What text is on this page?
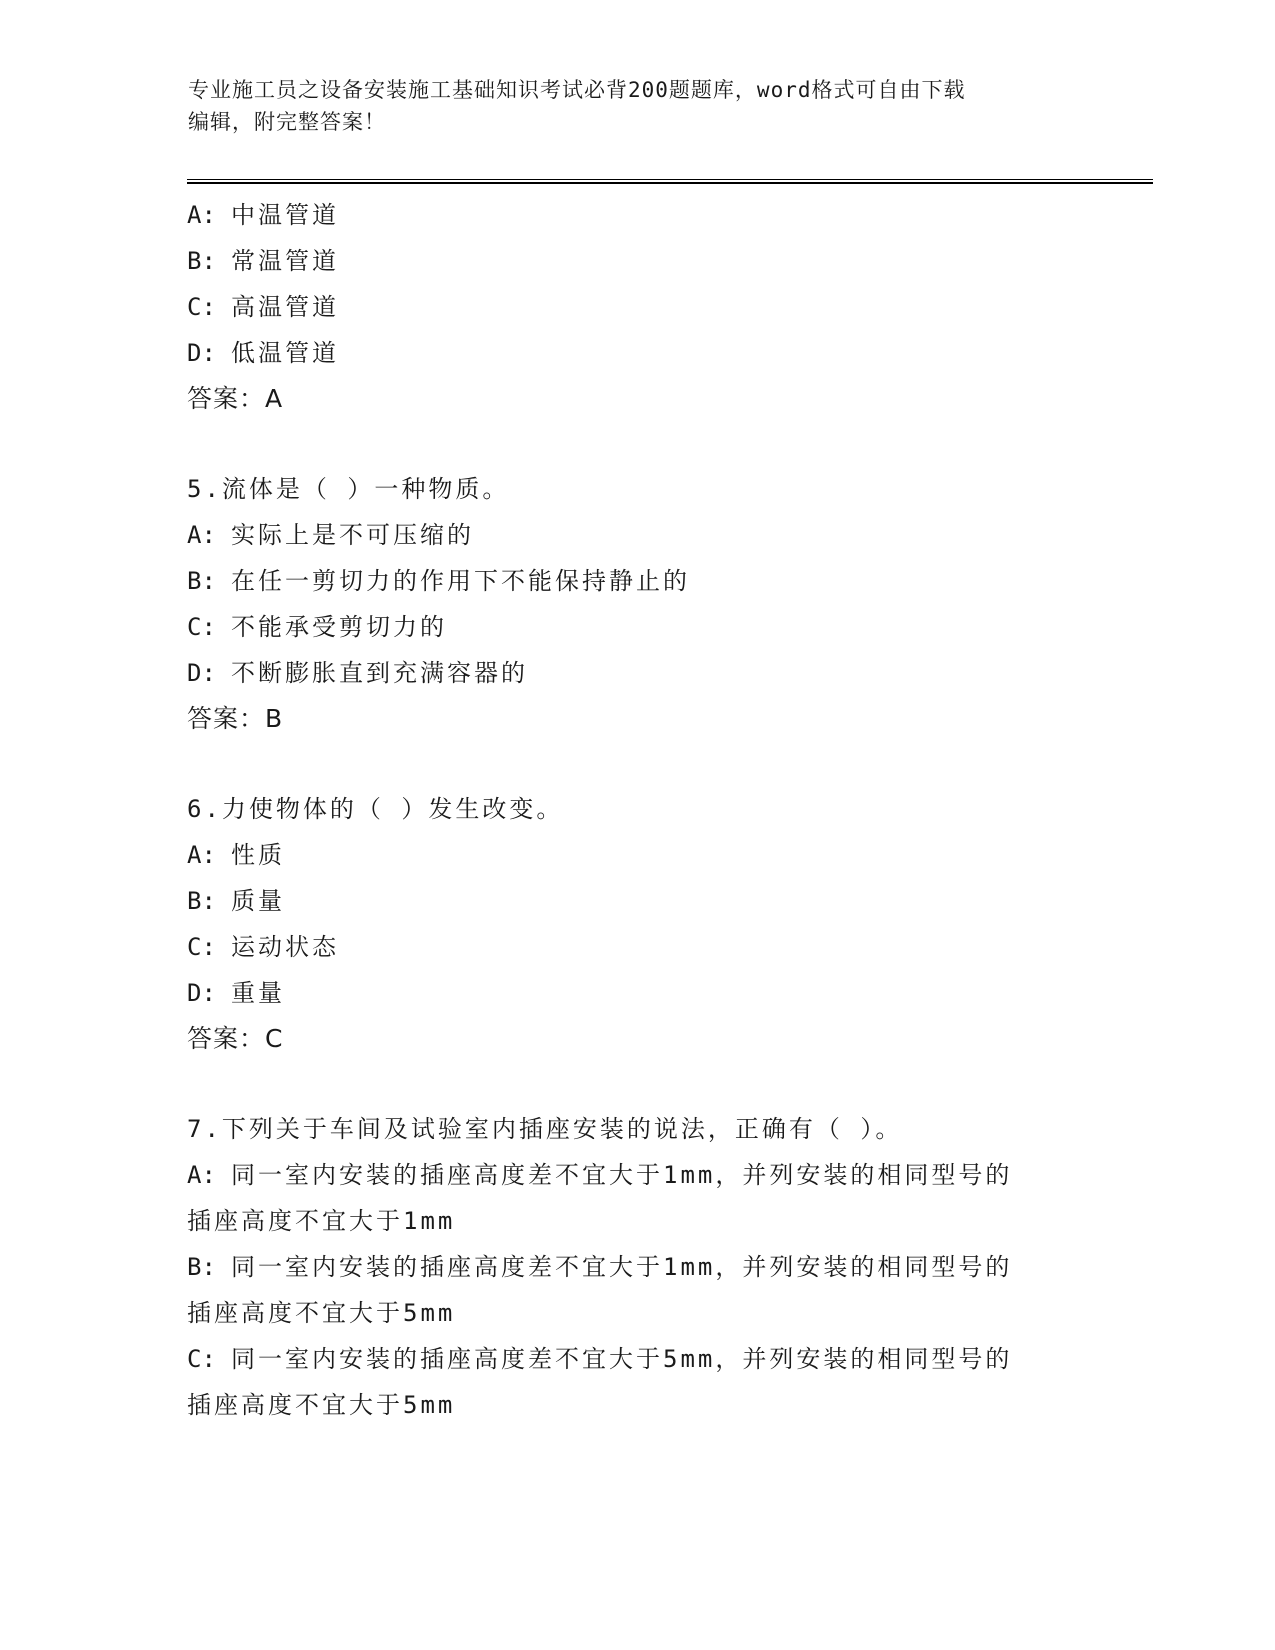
专业施工员之设备安装施工基础知识考试必背200题题库，word格式可自由下载
编辑，附完整答案！
A: 中温管道
B: 常温管道
C: 高温管道
D: 低温管道
答案：A
5.流体是（ ）一种物质。
A: 实际上是不可压缩的
B: 在任一剪切力的作用下不能保持静止的
C: 不能承受剪切力的
D: 不断膨胀直到充满容器的
答案：B
6.力使物体的（ ）发生改变。
A: 性质
B: 质量
C: 运动状态
D: 重量
答案：C
7.下列关于车间及试验室内插座安装的说法，正确有（ ）。
A: 同一室内安装的插座高度差不宜大于1mm，并列安装的相同型号的
插座高度不宜大于1mm
B: 同一室内安装的插座高度差不宜大于1mm，并列安装的相同型号的
插座高度不宜大于5mm
C: 同一室内安装的插座高度差不宜大于5mm，并列安装的相同型号的
插座高度不宜大于5mm
